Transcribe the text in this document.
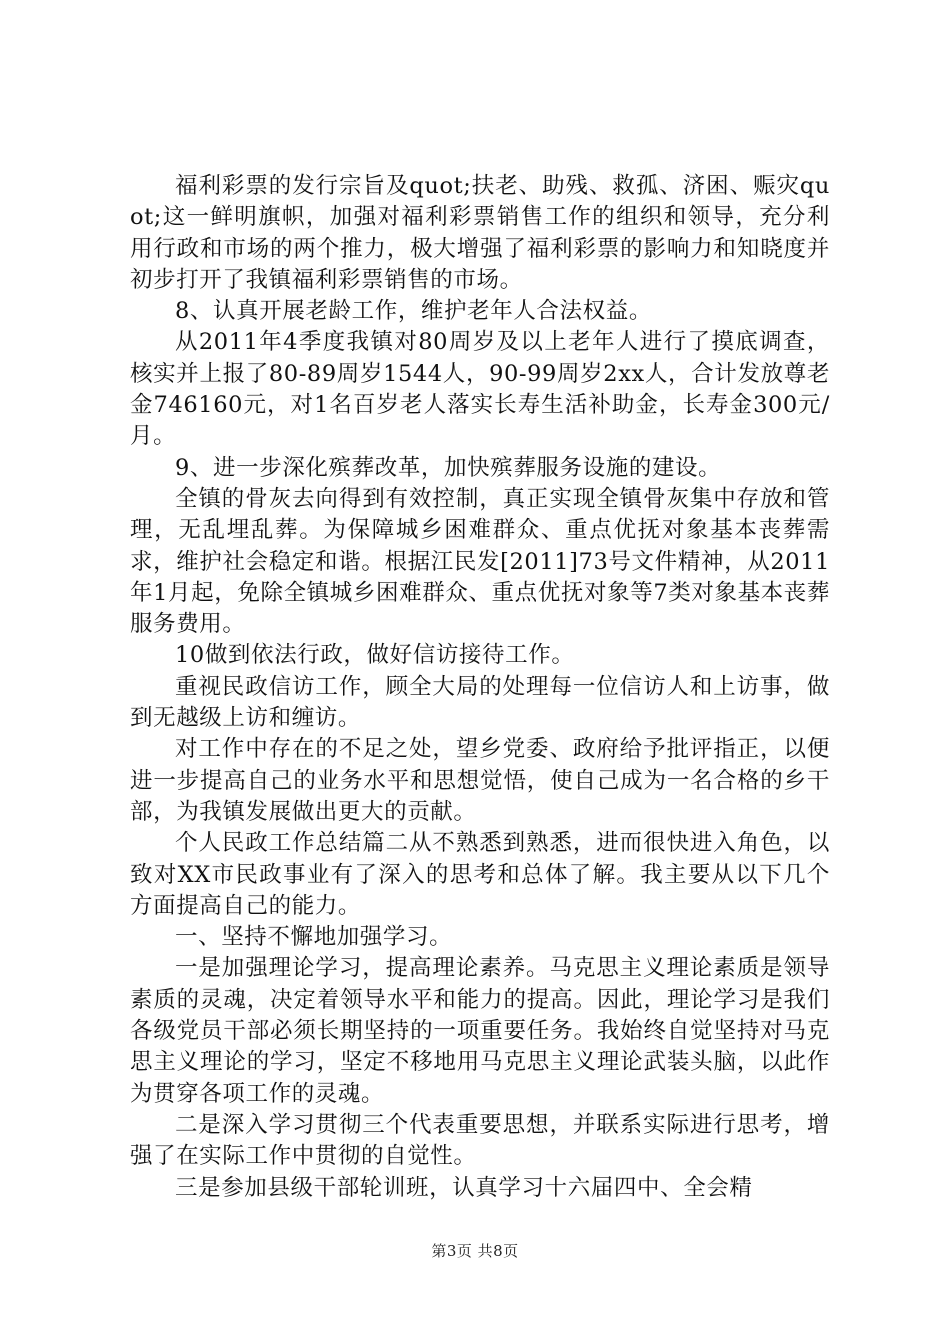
福利彩票的发行宗旨及quot;扶老、助残、救孤、济困、赈灾quot;这一鲜明旗帜，加强对福利彩票销售工作的组织和领导，充分利用行政和市场的两个推力，极大增强了福利彩票的影响力和知晓度并初步打开了我镇福利彩票销售的市场。

8、认真开展老龄工作，维护老年人合法权益。

从2011年4季度我镇对80周岁及以上老年人进行了摸底调查，核实并上报了80-89周岁1544人，90-99周岁2xx人，合计发放尊老金746160元，对1名百岁老人落实长寿生活补助金，长寿金300元/月。

9、进一步深化殡葬改革，加快殡葬服务设施的建设。

全镇的骨灰去向得到有效控制，真正实现全镇骨灰集中存放和管理，无乱埋乱葬。为保障城乡困难群众、重点优抚对象基本丧葬需求，维护社会稳定和谐。根据江民发[2011]73号文件精神，从2011年1月起，免除全镇城乡困难群众、重点优抚对象等7类对象基本丧葬服务费用。

10做到依法行政，做好信访接待工作。

重视民政信访工作，顾全大局的处理每一位信访人和上访事，做到无越级上访和缠访。

对工作中存在的不足之处，望乡党委、政府给予批评指正，以便进一步提高自己的业务水平和思想觉悟，使自己成为一名合格的乡干部，为我镇发展做出更大的贡献。

个人民政工作总结篇二从不熟悉到熟悉，进而很快进入角色，以致对XX市民政事业有了深入的思考和总体了解。我主要从以下几个方面提高自己的能力。

一、坚持不懈地加强学习。

一是加强理论学习，提高理论素养。马克思主义理论素质是领导素质的灵魂，决定着领导水平和能力的提高。因此，理论学习是我们各级党员干部必须长期坚持的一项重要任务。我始终自觉坚持对马克思主义理论的学习，坚定不移地用马克思主义理论武装头脑，以此作为贯穿各项工作的灵魂。

二是深入学习贯彻三个代表重要思想，并联系实际进行思考，增强了在实际工作中贯彻的自觉性。

三是参加县级干部轮训班，认真学习十六届四中、全会精

第3页 共8页
